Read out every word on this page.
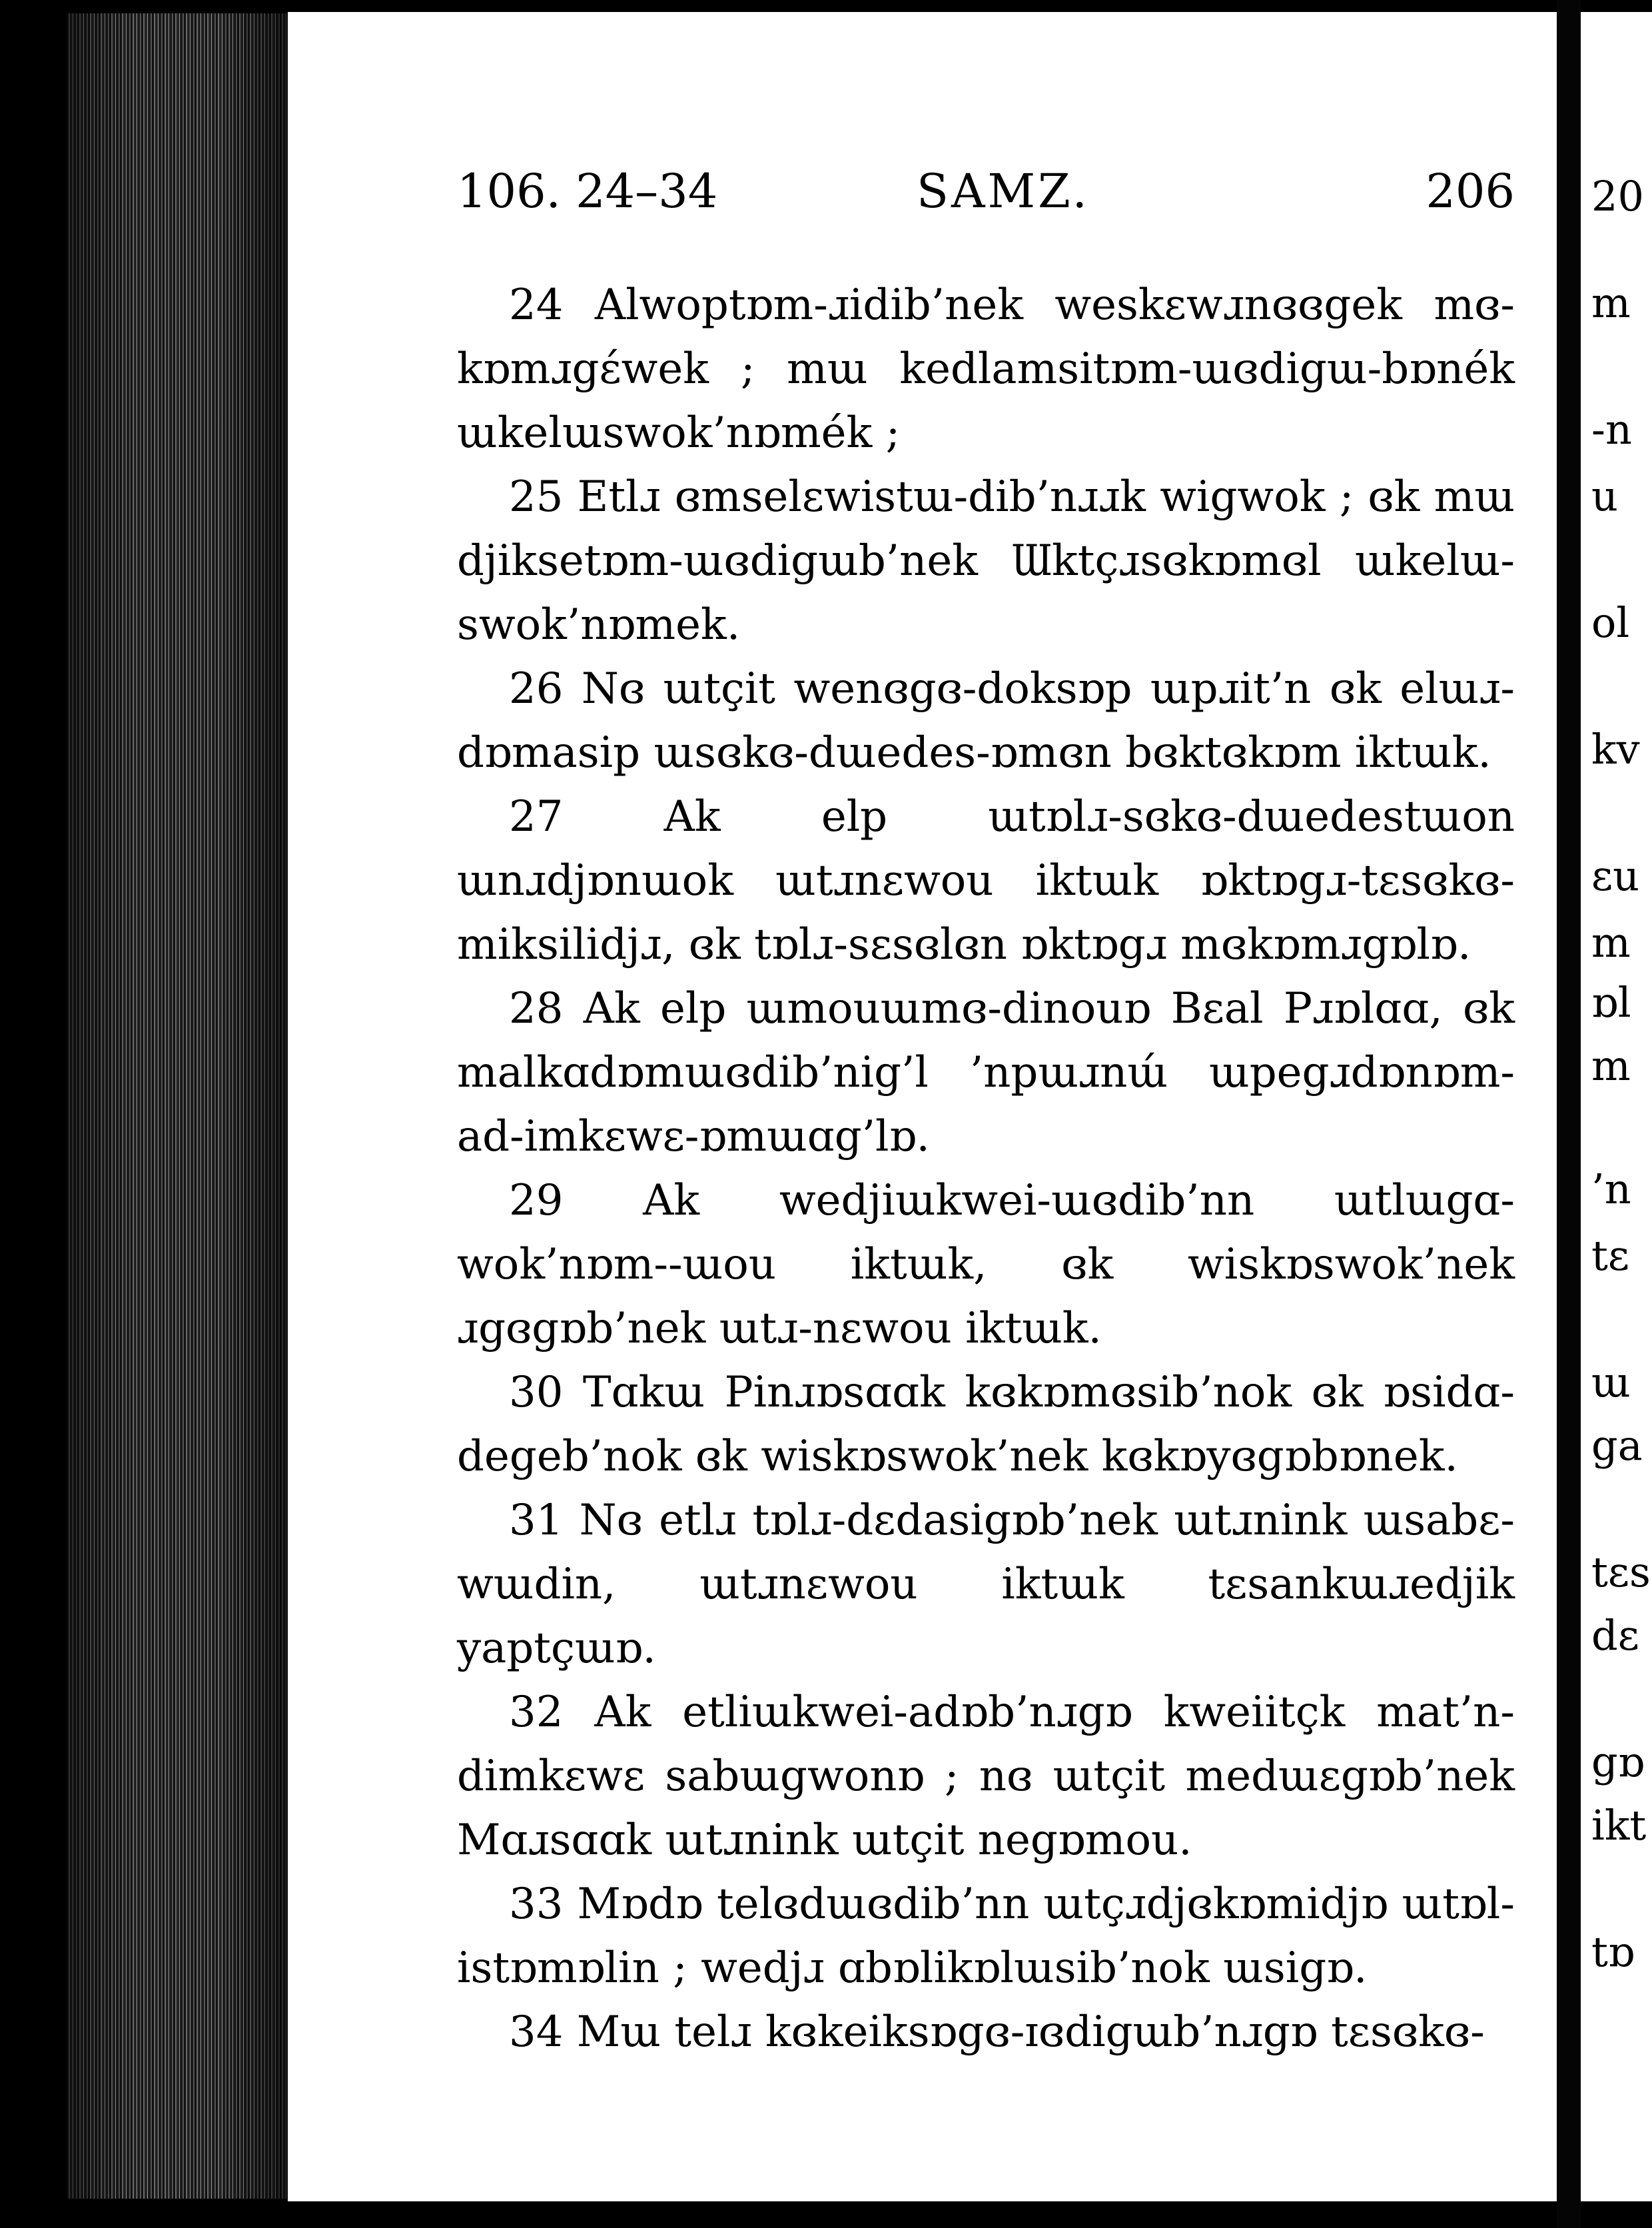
106. 24–34	SAMZ.	206

24 Alwoptɒm-ɹidib’nek weskɛwɹnɞɞgek mɞ-kɒmɹgɛ́wek ; mɯ kedlamsitɒm-ɯɞdigɯ-bɒnék ɯkelɯswok’nɒmék ;

25 Etlɹ ɞmselɛwistɯ-dib’nɹɹk wigwok ; ɞk mɯ djiksetɒm-ɯɞdigɯb’nek Ɯktçɹsɞkɒmɞl ɯkelɯ-swok’nɒmek.

26 Nɞ ɯtçit wenɞgɞ-doksɒp ɯpɹit’n ɞk elɯɹ-dɒmasip ɯsɞkɞ-dɯedes-ɒmɞn bɞktɞkɒm iktɯk.

27 Ak elp ɯtɒlɹ-sɞkɞ-dɯedestɯon ɯnɹdjɒnɯok ɯtɹnɛwou iktɯk ɒktɒgɹ-tɛsɞkɞ-miksilidjɹ, ɞk tɒlɹ-sɛsɞlɞn ɒktɒgɹ mɞkɒmɹgɒlɒ.

28 Ak elp ɯmouɯmɞ-dinouɒ Bɛal Pɹɒlɑɑ, ɞk malkɑdɒmɯɞdib’nig’l ’npɯɹnɯ́ ɯpegɹdɒnɒm-ad-imkɛwɛ-ɒmɯɑg’lɒ.

29 Ak wedjiɯkwei-ɯɞdib’nn ɯtlɯgɑ-wok’nɒm--ɯou iktɯk, ɞk wiskɒswok’nek ɹgɞgɒb’nek ɯtɹ-nɛwou iktɯk.

30 Tɑkɯ Pinɹɒsɑɑk kɞkɒmɞsib’nok ɞk ɒsidɑ-degeb’nok ɞk wiskɒswok’nek kɞkɒyɞgɒbɒnek.

31 Nɞ etlɹ tɒlɹ-dɛdasigɒb’nek ɯtɹnink ɯsabɛ-wɯdin, ɯtɹnɛwou iktɯk tɛsankɯɹedjik yaptçɯɒ.

32 Ak etliɯkwei-adɒb’nɹgɒ kweiitçk mat’n-dimkɛwɛ sabɯgwonɒ ; nɞ ɯtçit medɯɛgɒb’nek Mɑɹsɑɑk ɯtɹnink ɯtçit negɒmou.

33 Mɒdɒ telɞdɯɞdib’nn ɯtçɹdjɞkɒmidjɒ ɯtɒl-istɒmɒlin ; wedjɹ ɑbɒlikɒlɯsib’nok ɯsigɒ.

34 Mɯ telɹ kɞkeiksɒgɞ-ɪɞdigɯb’nɹgɒ tɛsɞkɞ-

20
m
-n
u
ol
kv
ɛu
m
ɒl
m
’n
tɛ
ɯ
ga
tɛs
dɛ
gɒ
ikt
tɒ
